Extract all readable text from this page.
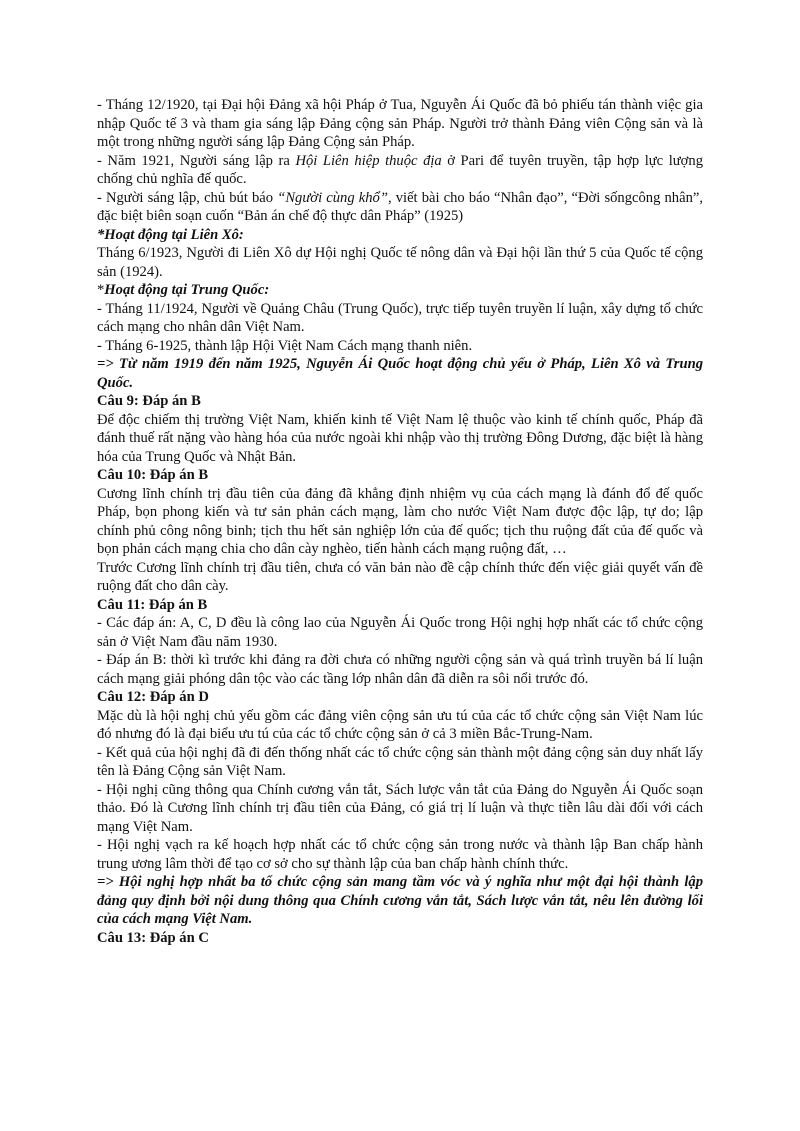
- Tháng 12/1920, tại Đại hội Đảng xã hội Pháp ở Tua, Nguyễn Ái Quốc đã bỏ phiếu tán thành việc gia nhập Quốc tế 3 và tham gia sáng lập Đảng cộng sản Pháp. Người trở thành Đảng viên Cộng sản và là một trong những người sáng lập Đảng Cộng sản Pháp.

- Năm 1921, Người sáng lập ra Hội Liên hiệp thuộc địa ở Pari để tuyên truyền, tập hợp lực lượng chống chủ nghĩa đế quốc.

- Người sáng lập, chủ bút báo “Người cùng khổ”, viết bài cho báo “Nhân đạo”, “Đời sốngcông nhân”, đặc biệt biên soạn cuốn “Bản án chế độ thực dân Pháp” (1925)

*Hoạt động tại Liên Xô:

Tháng 6/1923, Người đi Liên Xô dự Hội nghị Quốc tế nông dân và Đại hội lần thứ 5 của Quốc tế cộng sản (1924).

*Hoạt động tại Trung Quốc:

- Tháng 11/1924, Người về Quảng Châu (Trung Quốc), trực tiếp tuyên truyền lí luận, xây dựng tổ chức cách mạng cho nhân dân Việt Nam.

- Tháng 6-1925, thành lập Hội Việt Nam Cách mạng thanh niên.

=> Từ năm 1919 đến năm 1925, Nguyễn Ái Quốc hoạt động chủ yếu ở Pháp, Liên Xô và Trung Quốc.

Câu 9: Đáp án B

Để độc chiếm thị trường Việt Nam, khiến kinh tế Việt Nam lệ thuộc vào kinh tế chính quốc, Pháp đã đánh thuế rất nặng vào hàng hóa của nước ngoài khi nhập vào thị trường Đông Dương, đặc biệt là hàng hóa của Trung Quốc và Nhật Bản.

Câu 10: Đáp án B

Cương lĩnh chính trị đầu tiên của đảng đã khẳng định nhiệm vụ của cách mạng là đánh đổ đế quốc Pháp, bọn phong kiến và tư sản phản cách mạng, làm cho nước Việt Nam được độc lập, tự do; lập chính phủ công nông binh; tịch thu hết sản nghiệp lớn của đế quốc; tịch thu ruộng đất của đế quốc và bọn phản cách mạng chia cho dân cày nghèo, tiến hành cách mạng ruộng đất, …

Trước Cương lĩnh chính trị đầu tiên, chưa có văn bản nào đề cập chính thức đến việc giải quyết vấn đề ruộng đất cho dân cày.

Câu 11: Đáp án B

- Các đáp án: A, C, D đều là công lao của Nguyễn Ái Quốc trong Hội nghị hợp nhất các tổ chức cộng sản ở Việt Nam đầu năm 1930.

- Đáp án B: thời kì trước khi đảng ra đời chưa có những người cộng sản và quá trình truyền bá lí luận cách mạng giải phóng dân tộc vào các tầng lớp nhân dân đã diễn ra sôi nổi trước đó.

Câu 12: Đáp án D

Mặc dù là hội nghị chủ yếu gồm các đảng viên cộng sản ưu tú của các tổ chức cộng sản Việt Nam lúc đó nhưng đó là đại biểu ưu tú của các tổ chức cộng sản ở cả 3 miền Bắc-Trung-Nam.

- Kết quả của hội nghị đã đi đến thống nhất các tổ chức cộng sản thành một đảng cộng sản duy nhất lấy tên là Đảng Cộng sản Việt Nam.

- Hội nghị cũng thông qua Chính cương vắn tắt, Sách lược vắn tắt của Đảng do Nguyễn Ái Quốc soạn thảo. Đó là Cương lĩnh chính trị đầu tiên của Đảng, có giá trị lí luận và thực tiễn lâu dài đối với cách mạng Việt Nam.

- Hội nghị vạch ra kế hoạch hợp nhất các tổ chức cộng sản trong nước và thành lập Ban chấp hành trung ương lâm thời để tạo cơ sở cho sự thành lập của ban chấp hành chính thức.

=> Hội nghị hợp nhất ba tổ chức cộng sản mang tầm vóc và ý nghĩa như một đại hội thành lập đảng quy định bởi nội dung thông qua Chính cương vắn tắt, Sách lược vắn tắt, nêu lên đường lối của cách mạng Việt Nam.

Câu 13: Đáp án C
